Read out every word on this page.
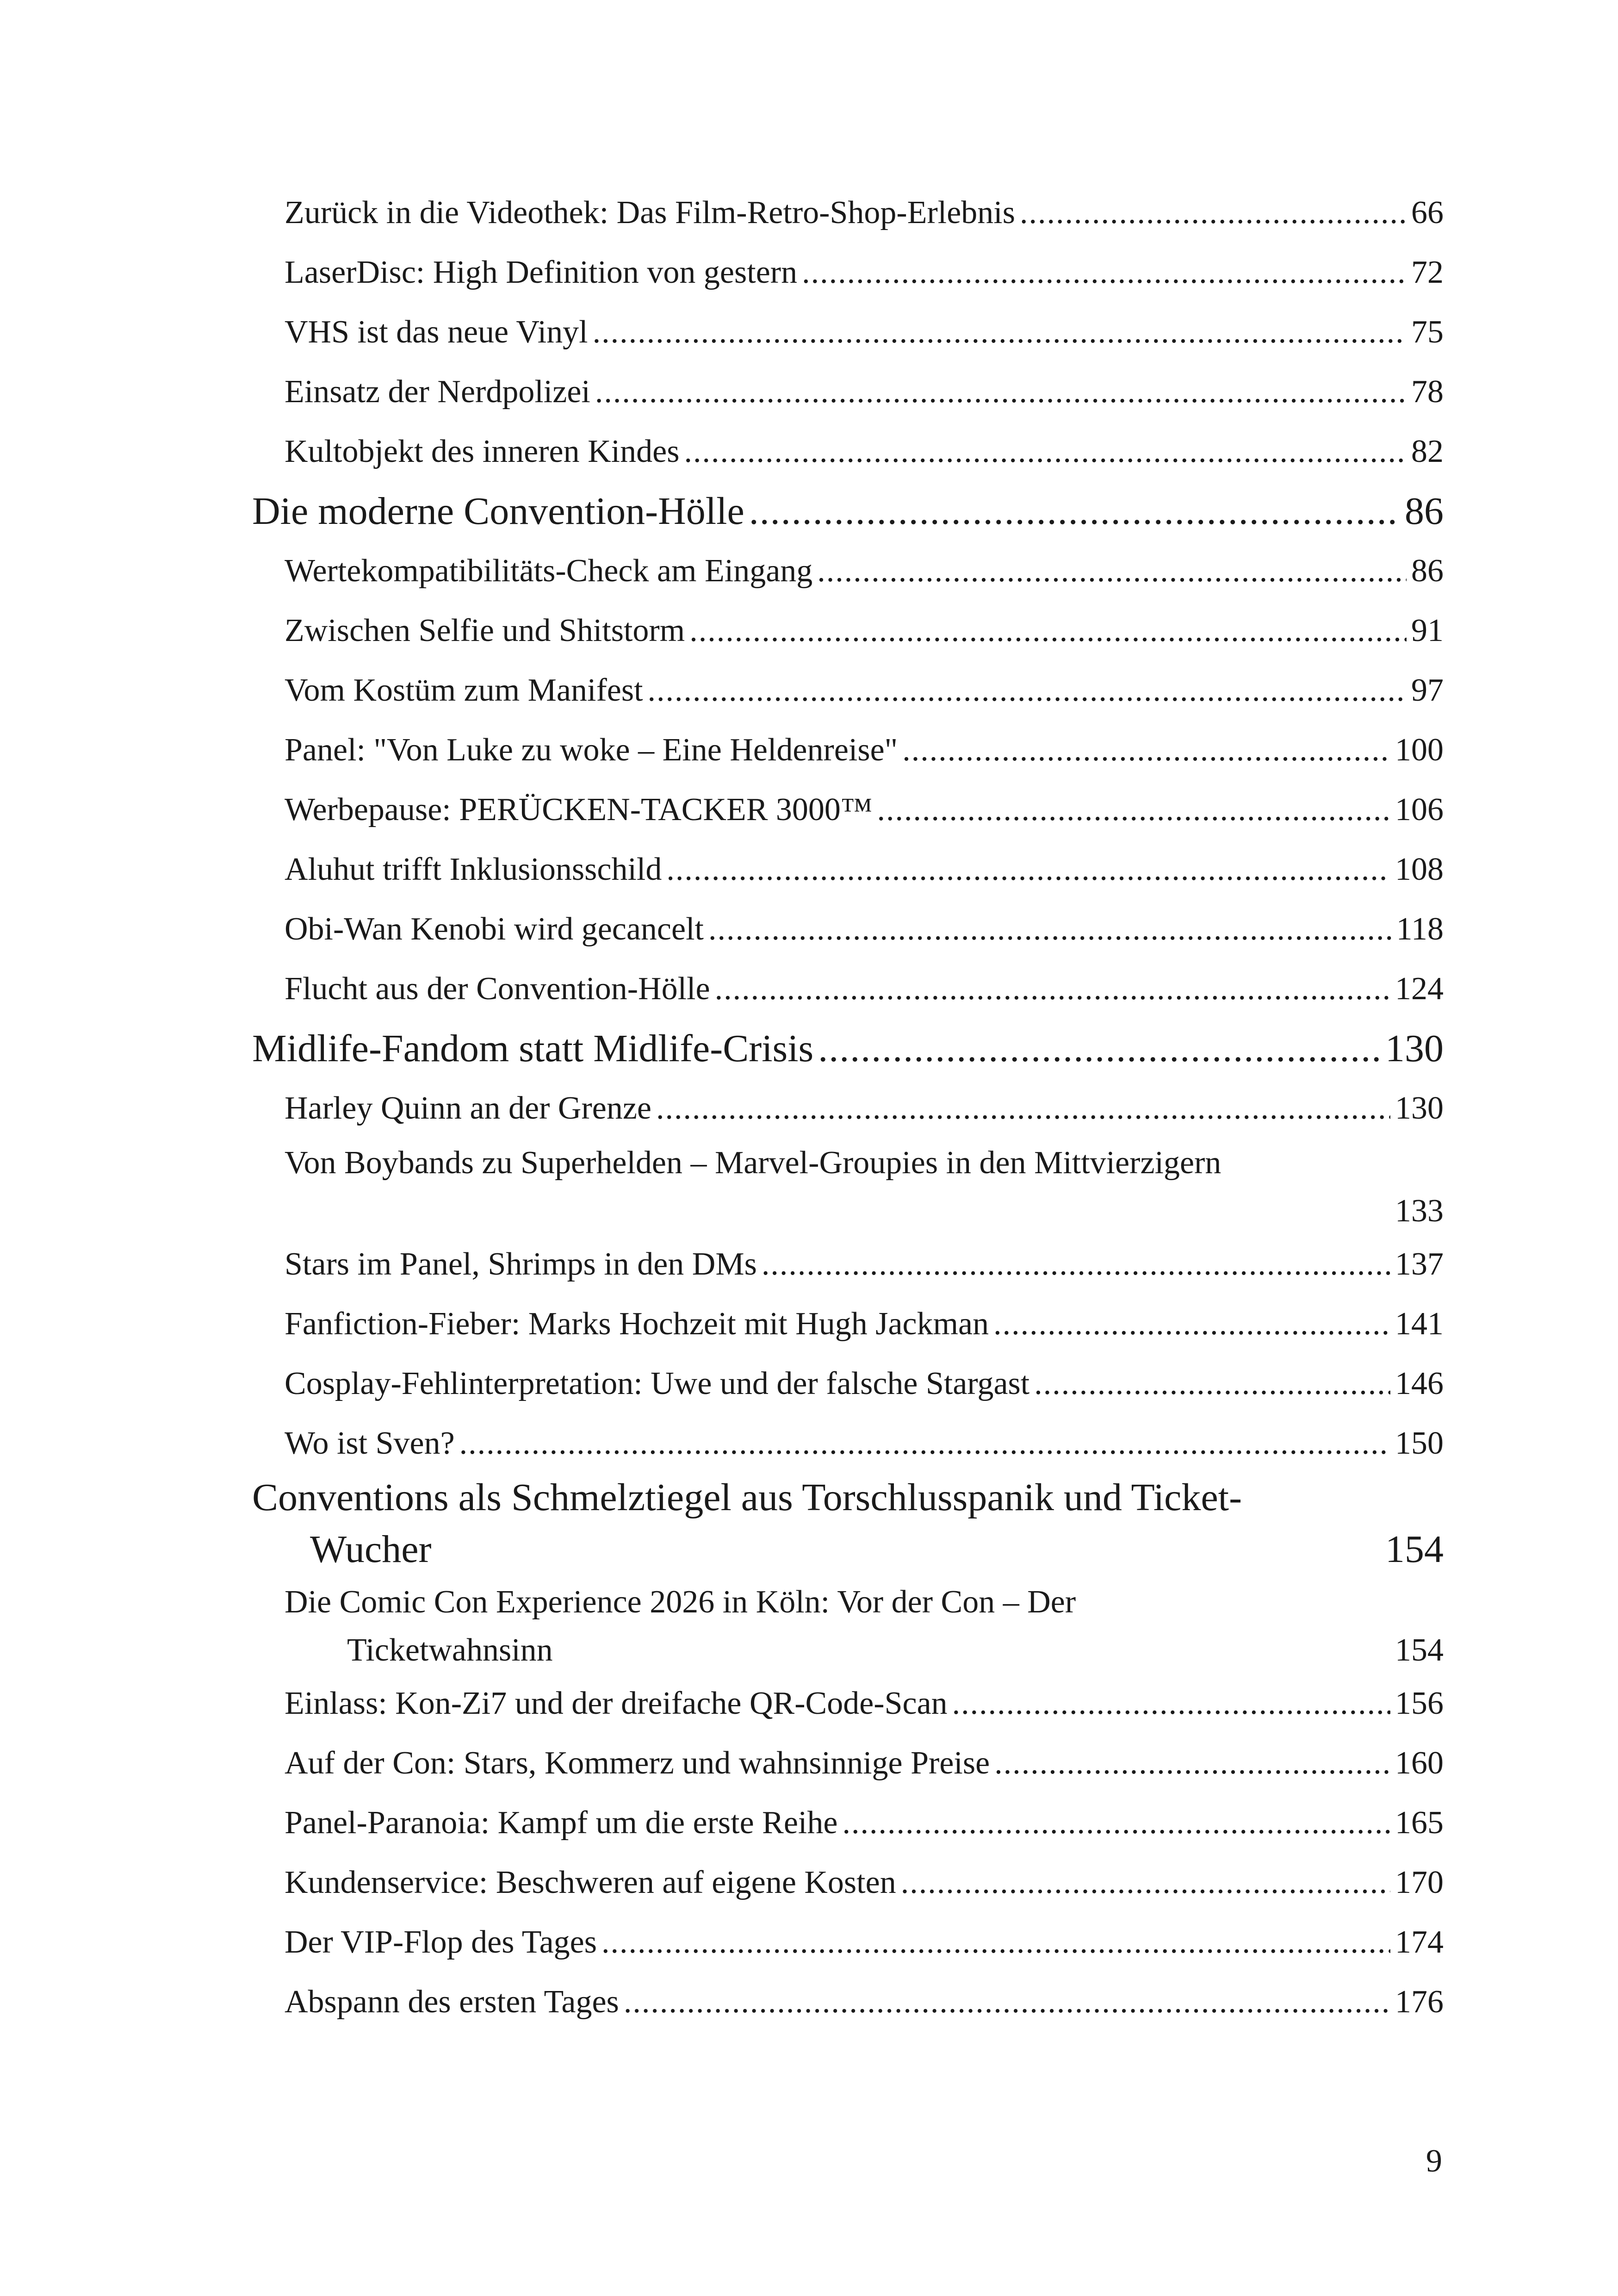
Zurück in die Videothek: Das Film-Retro-Shop-Erlebnis .....	66
LaserDisc: High Definition von gestern .....	72
VHS ist das neue Vinyl .....	75
Einsatz der Nerdpolizei .....	78
Kultobjekt des inneren Kindes .....	82
Die moderne Convention-Hölle .....	86
Wertekompatibilitäts-Check am Eingang .....	86
Zwischen Selfie und Shitstorm .....	91
Vom Kostüm zum Manifest .....	97
Panel: "Von Luke zu woke – Eine Heldenreise" .....	100
Werbepause: PERÜCKEN-TACKER 3000™ .....	106
Aluhut trifft Inklusionsschild .....	108
Obi-Wan Kenobi wird gecancelt .....	118
Flucht aus der Convention-Hölle .....	124
Midlife-Fandom statt Midlife-Crisis .....	130
Harley Quinn an der Grenze .....	130
Von Boybands zu Superhelden – Marvel-Groupies in den Mittvierzigern
133
Stars im Panel, Shrimps in den DMs .....	137
Fanfiction-Fieber: Marks Hochzeit mit Hugh Jackman .....	141
Cosplay-Fehlinterpretation: Uwe und der falsche Stargast .....	146
Wo ist Sven? .....	150
Conventions als Schmelztiegel aus Torschlusspanik und Ticket-
Wucher	154
Die Comic Con Experience 2026 in Köln: Vor der Con – Der
Ticketwahnsinn	154
Einlass: Kon-Zi7 und der dreifache QR-Code-Scan .....	156
Auf der Con: Stars, Kommerz und wahnsinnige Preise .....	160
Panel-Paranoia: Kampf um die erste Reihe .....	165
Kundenservice: Beschweren auf eigene Kosten .....	170
Der VIP-Flop des Tages .....	174
Abspann des ersten Tages .....	176
9
